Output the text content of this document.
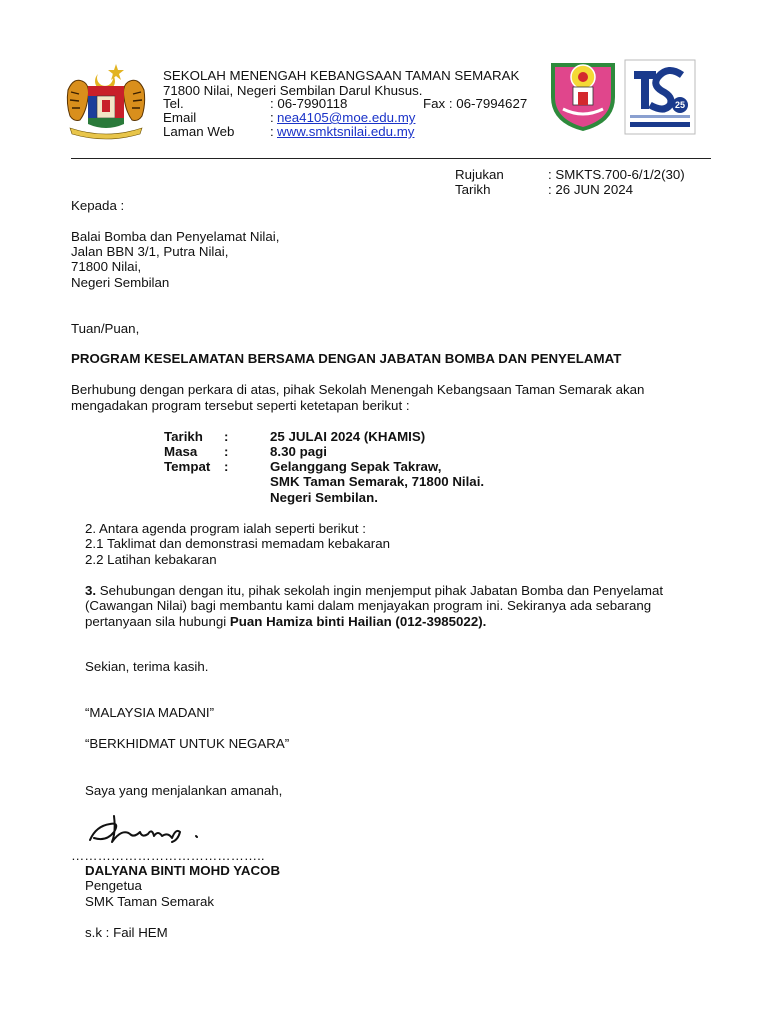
SEKOLAH MENENGAH KEBANGSAAN TAMAN SEMARAK
71800 Nilai, Negeri Sembilan Darul Khusus.
Tel.	: 06-7990118	Fax : 06-7994627
Email	: nea4105@moe.edu.my
Laman Web	: www.smktsnilai.edu.my
25
Rujukan	: SMKTS.700-6/1/2(30)
Tarikh	: 26 JUN 2024
Kepada :
Balai Bomba dan Penyelamat Nilai,
Jalan BBN 3/1, Putra Nilai,
71800 Nilai,
Negeri Sembilan
Tuan/Puan,
PROGRAM KESELAMATAN BERSAMA DENGAN JABATAN BOMBA DAN PENYELAMAT
Berhubung dengan perkara di atas, pihak Sekolah Menengah Kebangsaan Taman Semarak akan
mengadakan program tersebut seperti ketetapan berikut :
Tarikh :	25 JULAI 2024 (KHAMIS)
Masa :	8.30 pagi
Tempat :	Gelanggang Sepak Takraw,
SMK Taman Semarak, 71800 Nilai.
Negeri Sembilan.
2. Antara agenda program ialah seperti berikut :
2.1 Taklimat dan demonstrasi memadam kebakaran
2.2 Latihan kebakaran
3. Sehubungan dengan itu, pihak sekolah ingin menjemput pihak Jabatan Bomba dan Penyelamat
(Cawangan Nilai) bagi membantu kami dalam menjayakan program ini. Sekiranya ada sebarang
pertanyaan sila hubungi Puan Hamiza binti Hailian (012-3985022).
Sekian, terima kasih.
“MALAYSIA MADANI”
“BERKHIDMAT UNTUK NEGARA”
Saya yang menjalankan amanah,
……………………………………..
DALYANA BINTI MOHD YACOB
Pengetua
SMK Taman Semarak
s.k : Fail HEM
